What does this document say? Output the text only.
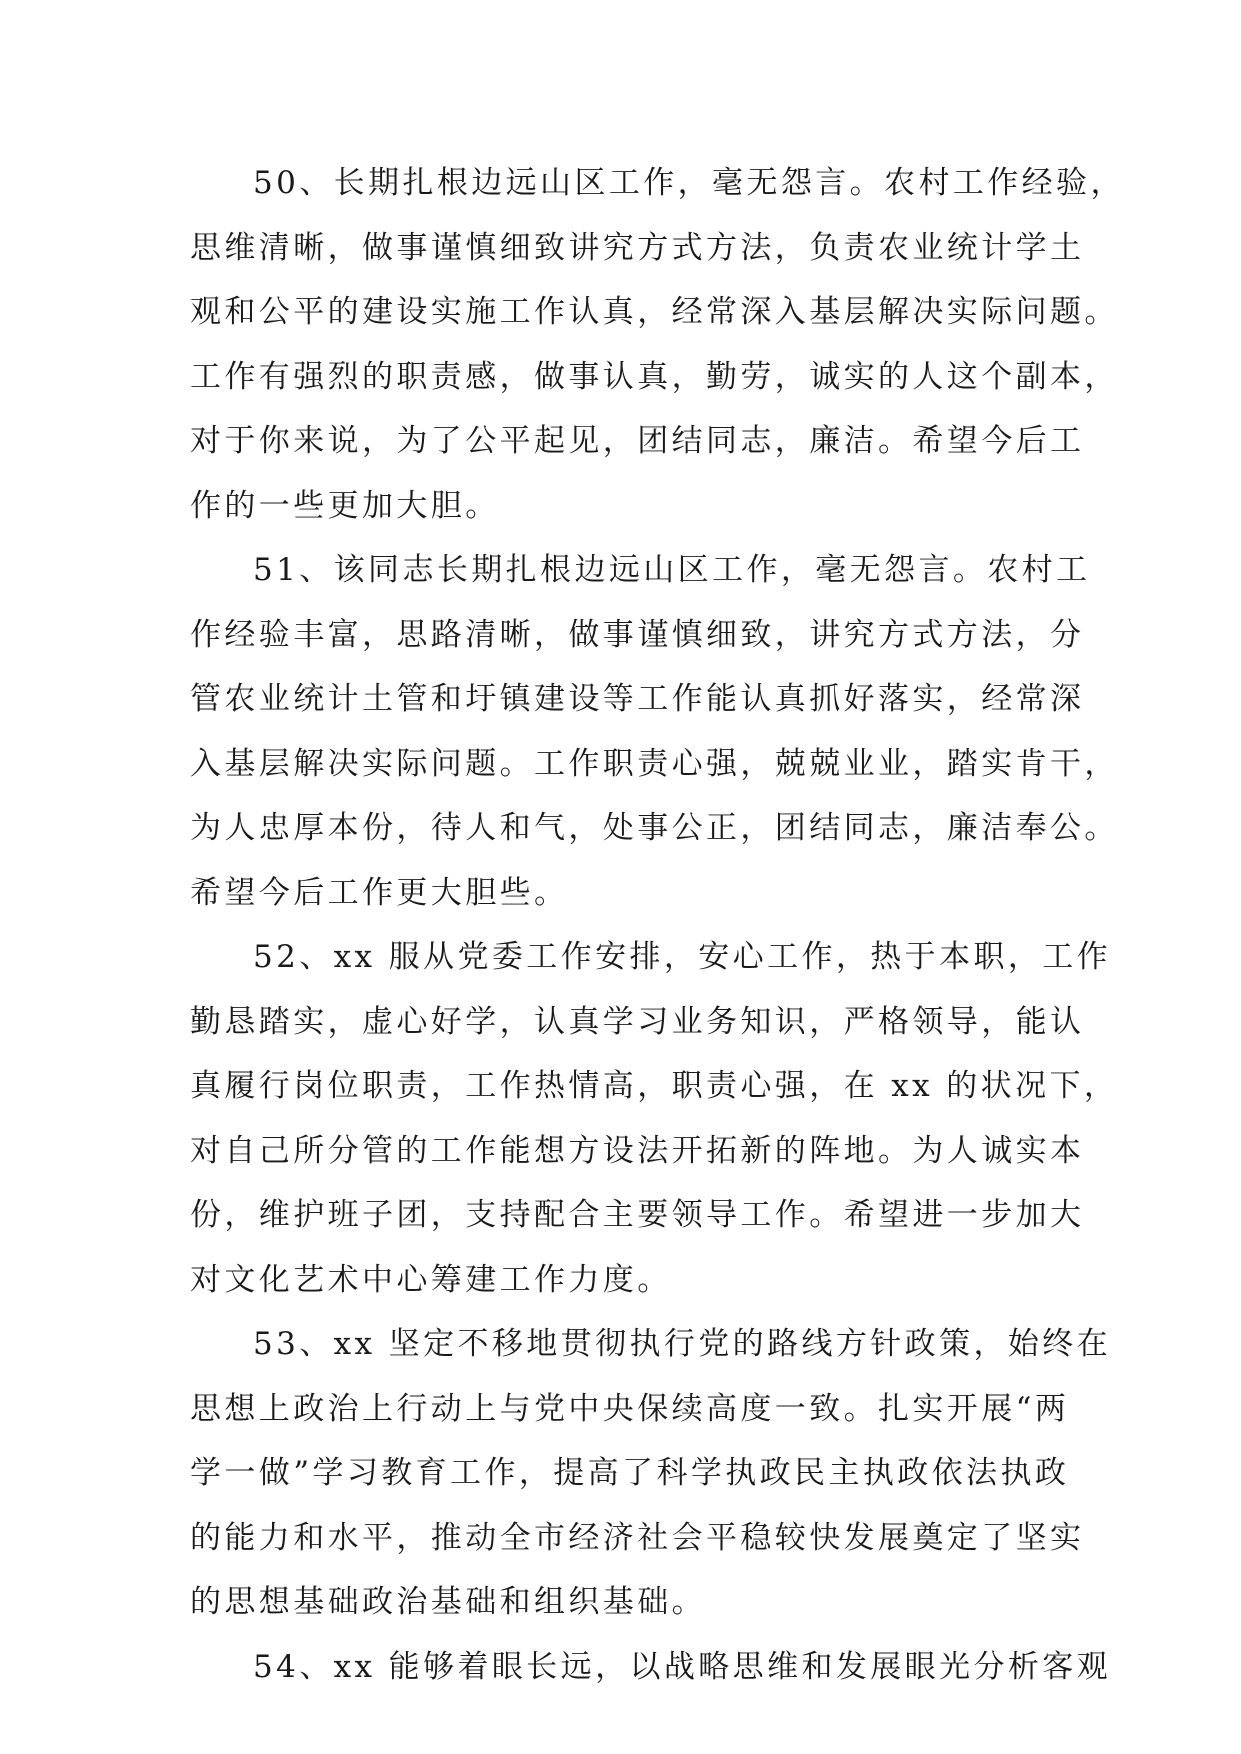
50、长期扎根边远山区工作，毫无怨言。农村工作经验，
思维清晰，做事谨慎细致讲究方式方法，负责农业统计学土
观和公平的建设实施工作认真，经常深入基层解决实际问题。
工作有强烈的职责感，做事认真，勤劳，诚实的人这个副本，
对于你来说，为了公平起见，团结同志，廉洁。希望今后工
作的一些更加大胆。
51、该同志长期扎根边远山区工作，毫无怨言。农村工
作经验丰富，思路清晰，做事谨慎细致，讲究方式方法，分
管农业统计土管和圩镇建设等工作能认真抓好落实，经常深
入基层解决实际问题。工作职责心强，兢兢业业，踏实肯干，
为人忠厚本份，待人和气，处事公正，团结同志，廉洁奉公。
希望今后工作更大胆些。
52、xx 服从党委工作安排，安心工作，热于本职，工作
勤恳踏实，虚心好学，认真学习业务知识，严格领导，能认
真履行岗位职责，工作热情高，职责心强，在 xx 的状况下，
对自己所分管的工作能想方设法开拓新的阵地。为人诚实本
份，维护班子团，支持配合主要领导工作。希望进一步加大
对文化艺术中心筹建工作力度。
53、xx 坚定不移地贯彻执行党的路线方针政策，始终在
思想上政治上行动上与党中央保续高度一致。扎实开展“两
学一做”学习教育工作，提高了科学执政民主执政依法执政
的能力和水平，推动全市经济社会平稳较快发展奠定了坚实
的思想基础政治基础和组织基础。
54、xx 能够着眼长远，以战略思维和发展眼光分析客观
